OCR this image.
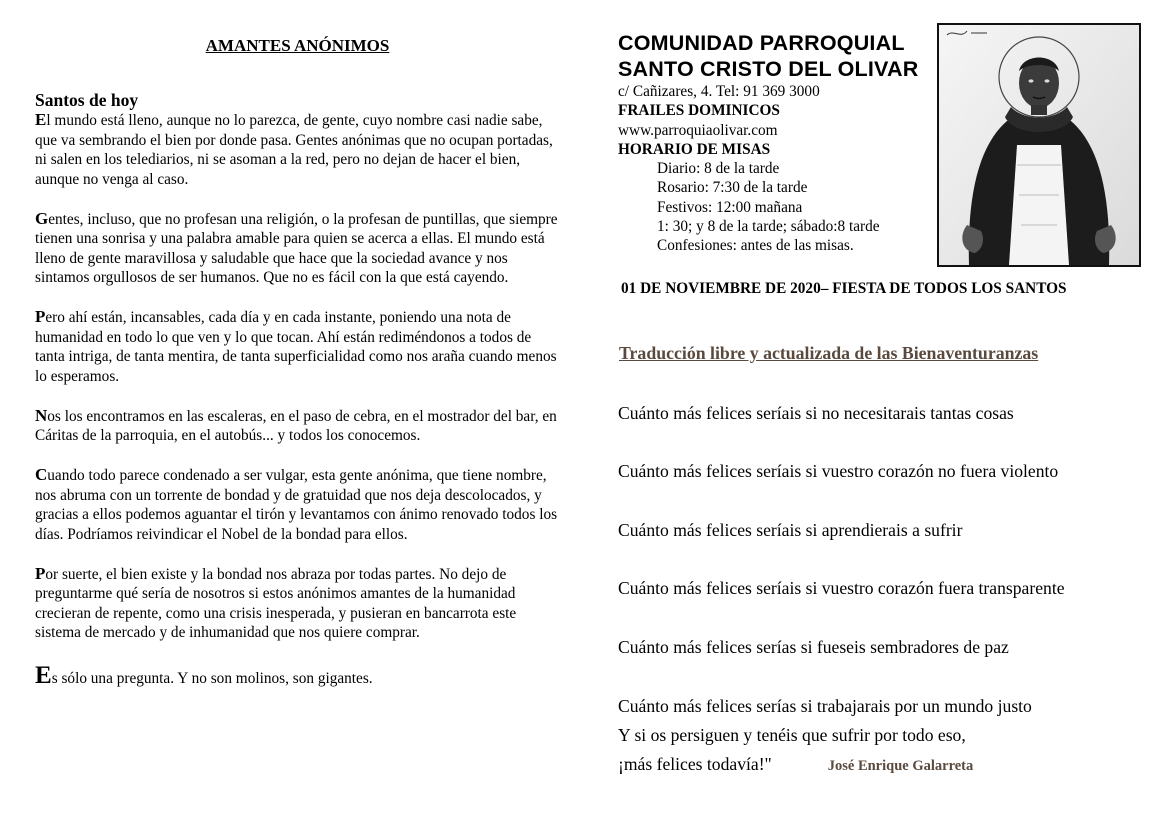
AMANTES ANÓNIMOS
Santos de hoy

El mundo está lleno, aunque no lo parezca, de gente, cuyo nombre casi nadie sabe, que va sembrando el bien por donde pasa. Gentes anónimas que no ocupan portadas, ni salen en los telediarios, ni se asoman a la red, pero no dejan de hacer el bien, aunque no venga al caso.

Gentes, incluso, que no profesan una religión, o la profesan de puntillas, que siempre tienen una sonrisa y una palabra amable para quien se acerca a ellas. El mundo está lleno de gente maravillosa y saludable que hace que la sociedad avance y nos sintamos orgullosos de ser humanos. Que no es fácil con la que está cayendo.

Pero ahí están, incansables, cada día y en cada instante, poniendo una nota de humanidad en todo lo que ven y lo que tocan. Ahí están rediméndonos a todos de tanta intriga, de tanta mentira, de tanta superficialidad como nos araña cuando menos lo esperamos.

Nos los encontramos en las escaleras, en el paso de cebra, en el mostrador del bar, en Cáritas de la parroquia, en el autobús... y todos los conocemos.

Cuando todo parece condenado a ser vulgar, esta gente anónima, que tiene nombre, nos abruma con un torrente de bondad y de gratuidad que nos deja descolocados, y gracias a ellos podemos aguantar el tirón y levantamos con ánimo renovado todos los días. Podríamos reivindicar el Nobel de la bondad para ellos.

Por suerte, el bien existe y la bondad nos abraza por todas partes. No dejo de preguntarme qué sería de nosotros si estos anónimos amantes de la humanidad crecieran de repente, como una crisis inesperada, y pusieran en bancarrota este sistema de mercado y de inhumanidad que nos quiere comprar.

Es sólo una pregunta. Y no son molinos, son gigantes.
COMUNIDAD PARROQUIAL
SANTO CRISTO DEL OLIVAR
c/ Cañizares, 4. Tel: 91 369 3000
FRAILES DOMINICOS
www.parroquiaolivar.com
HORARIO DE MISAS
Diario: 8 de la tarde
Rosario: 7:30 de la tarde
Festivos: 12:00 mañana
1: 30; y 8 de la tarde; sábado:8 tarde
Confesiones: antes de las misas.
01 DE NOVIEMBRE DE 2020– FIESTA DE TODOS LOS SANTOS
Traducción libre y actualizada de las Bienaventuranzas
Cuánto más felices seríais si no necesitarais tantas cosas
Cuánto más felices seríais si vuestro corazón no fuera violento
Cuánto más felices seríais si aprendierais a sufrir
Cuánto más felices seríais si vuestro corazón fuera transparente
Cuánto más felices serías si fueseis sembradores de paz
Cuánto más felices serías si trabajarais por un mundo justo
Y si os persiguen y tenéis que sufrir por todo eso,
¡más felices todavía!"	José Enrique Galarreta
